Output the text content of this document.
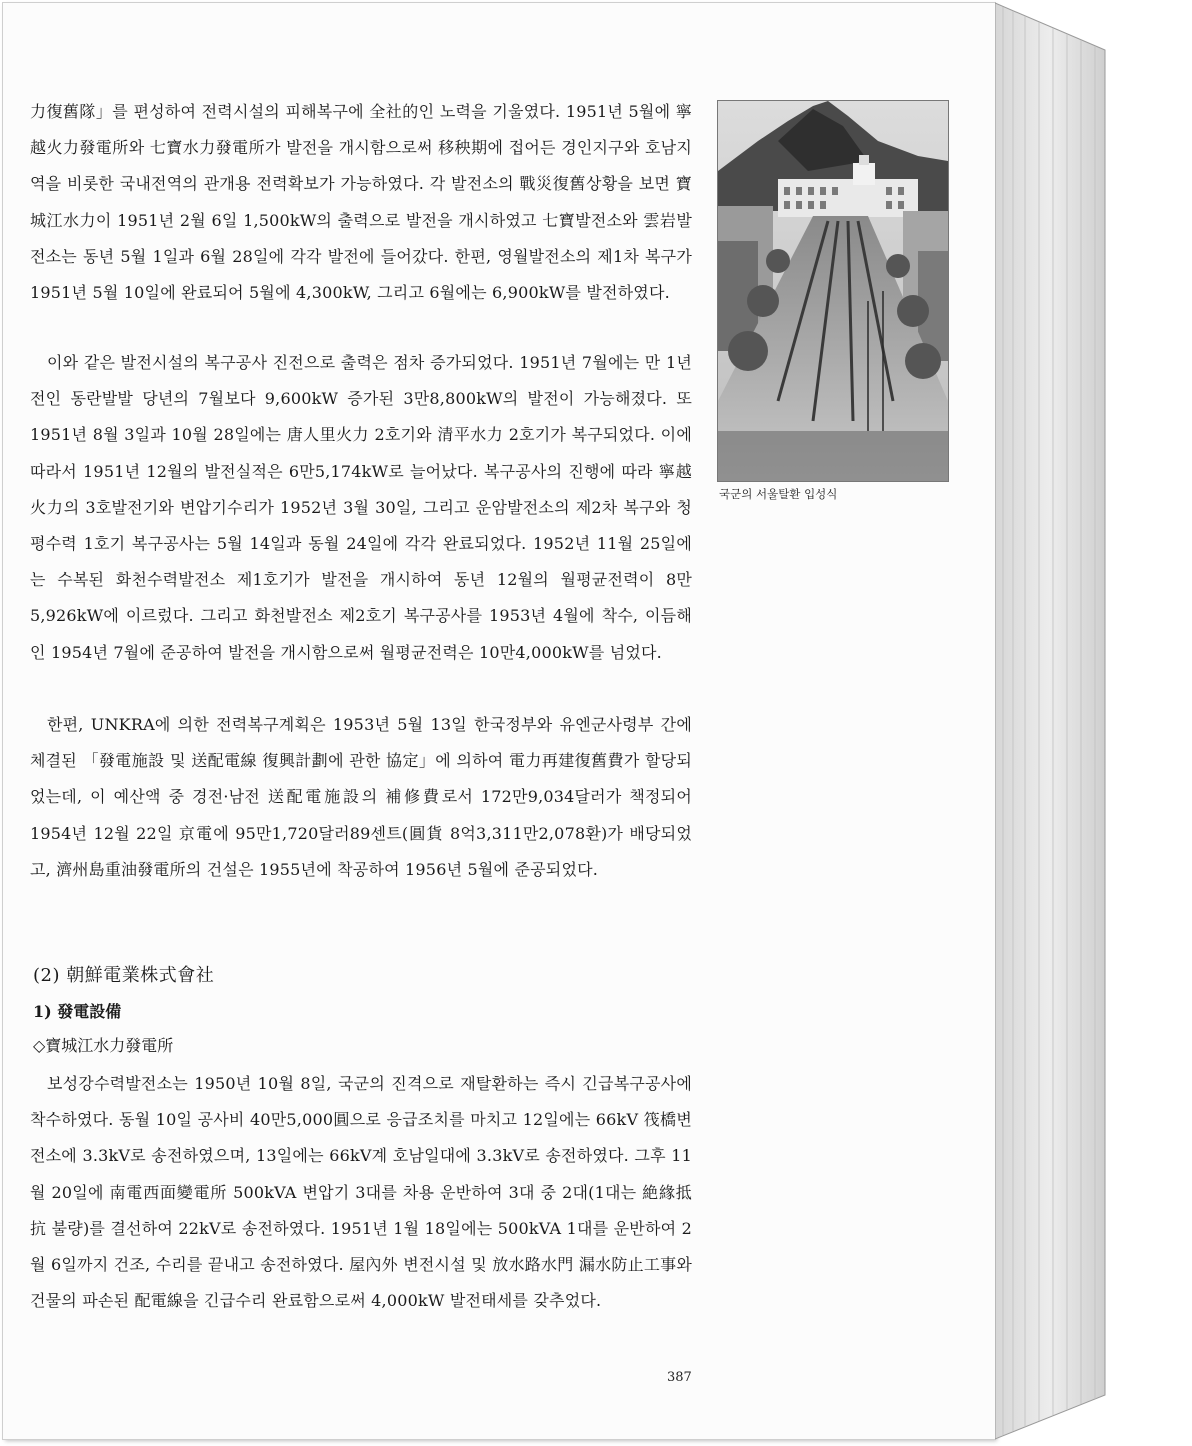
力復舊隊」를 편성하여 전력시설의 피해복구에 全社的인 노력을 기울였다. 1951년 5월에 寧越火力發電所와 七寶水力發電所가 발전을 개시함으로써 移秧期에 접어든 경인지구와 호남지역을 비롯한 국내전역의 관개용 전력확보가 가능하였다. 각 발전소의 戰災復舊상황을 보면 寶城江水力이 1951년 2월 6일 1,500kW의 출력으로 발전을 개시하였고 七寶발전소와 雲岩발전소는 동년 5월 1일과 6월 28일에 각각 발전에 들어갔다. 한편, 영월발전소의 제1차 복구가 1951년 5월 10일에 완료되어 5월에 4,300kW, 그리고 6월에는 6,900kW를 발전하였다.

이와 같은 발전시설의 복구공사 진전으로 출력은 점차 증가되었다. 1951년 7월에는 만 1년 전인 동란발발 당년의 7월보다 9,600kW 증가된 3만8,800kW의 발전이 가능해졌다. 또 1951년 8월 3일과 10월 28일에는 唐人里火力 2호기와 清平水力 2호기가 복구되었다. 이에 따라서 1951년 12월의 발전실적은 6만5,174kW로 늘어났다. 복구공사의 진행에 따라 寧越火力의 3호발전기와 변압기수리가 1952년 3월 30일, 그리고 운암발전소의 제2차 복구와 청평수력 1호기 복구공사는 5월 14일과 동월 24일에 각각 완료되었다. 1952년 11월 25일에는 수복된 화천수력발전소 제1호기가 발전을 개시하여 동년 12월의 월평균전력이 8만5,926kW에 이르렀다. 그리고 화천발전소 제2호기 복구공사를 1953년 4월에 착수, 이듬해인 1954년 7월에 준공하여 발전을 개시함으로써 월평균전력은 10만4,000kW를 넘었다.

한편, UNKRA에 의한 전력복구계획은 1953년 5월 13일 한국정부와 유엔군사령부 간에 체결된 「發電施設 및 送配電線 復興計劃에 관한 協定」에 의하여 電力再建復舊費가 할당되었는데, 이 예산액 중 경전·남전 送配電施設의 補修費로서 172만9,034달러가 책정되어 1954년 12월 22일 京電에 95만1,720달러89센트(圓貨 8억3,311만2,078환)가 배당되었고, 濟州島重油發電所의 건설은 1955년에 착공하여 1956년 5월에 준공되었다.

(2) 朝鮮電業株式會社
1) 發電設備
◇寶城江水力發電所

보성강수력발전소는 1950년 10월 8일, 국군의 진격으로 재탈환하는 즉시 긴급복구공사에 착수하였다. 동월 10일 공사비 40만5,000圓으로 응급조치를 마치고 12일에는 66kV 筏橋변전소에 3.3kV로 송전하였으며, 13일에는 66kV계 호남일대에 3.3kV로 송전하였다. 그후 11월 20일에 南電西面變電所 500kVA 변압기 3대를 차용 운반하여 3대 중 2대(1대는 絶緣抵抗 불량)를 결선하여 22kV로 송전하였다. 1951년 1월 18일에는 500kVA 1대를 운반하여 2월 6일까지 건조, 수리를 끝내고 송전하였다. 屋內外 변전시설 및 放水路水門 漏水防止工事와 건물의 파손된 配電線을 긴급수리 완료함으로써 4,000kW 발전태세를 갖추었다.

국군의 서울탈환 입성식
387
